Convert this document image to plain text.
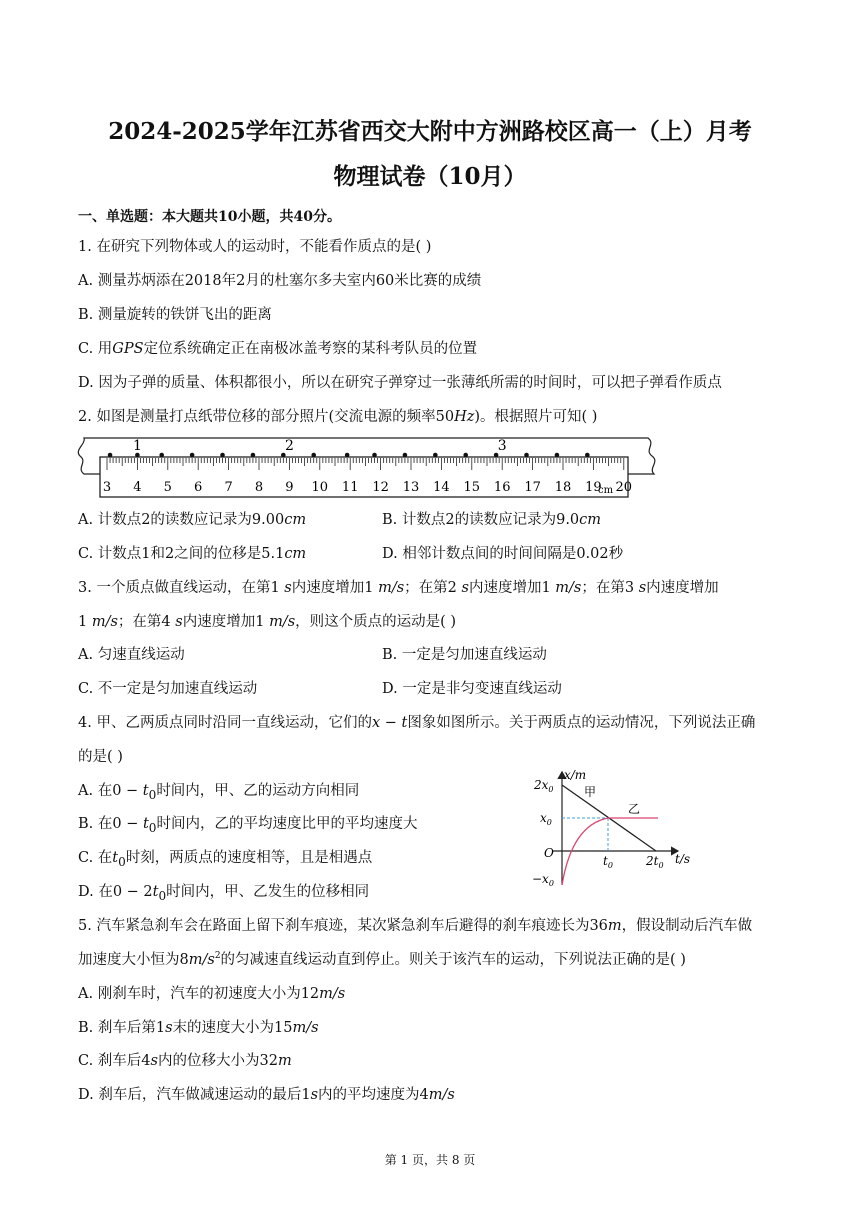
2024-2025学年江苏省西交大附中方洲路校区高一（上）月考
物理试卷（10月）
一、单选题：本大题共10小题，共40分。
1. 在研究下列物体或人的运动时，不能看作质点的是( )
A. 测量苏炳添在2018年2月的杜塞尔多夫室内60米比赛的成绩
B. 测量旋转的铁饼飞出的距离
C. 用GPS定位系统确定正在南极冰盖考察的某科考队员的位置
D. 因为子弹的质量、体积都很小，所以在研究子弹穿过一张薄纸所需的时间时，可以把子弹看作质点
2. 如图是测量打点纸带位移的部分照片(交流电源的频率50Hz)。根据照片可知( )
3 4 5 6 7 8 9 10 11 12 13 14 15 16 17 18 19 20
cm
1	2	3
A. 计数点2的读数应记录为9.00cm	B. 计数点2的读数应记录为9.0cm
C. 计数点1和2之间的位移是5.1cm	D. 相邻计数点间的时间间隔是0.02秒
3. 一个质点做直线运动，在第1 s内速度增加1 m/s；在第2 s内速度增加1 m/s；在第3 s内速度增加
1 m/s；在第4 s内速度增加1 m/s，则这个质点的运动是( )
A. 匀速直线运动	B. 一定是匀加速直线运动
C. 不一定是匀加速直线运动	D. 一定是非匀变速直线运动
4. 甲、乙两质点同时沿同一直线运动，它们的x − t图象如图所示。关于两质点的运动情况，下列说法正确
的是( )
A. 在$0 - t_0$时间内，甲、乙的运动方向相同
B. 在$0 - t_0$时间内，乙的平均速度比甲的平均速度大
C. 在$t_0$时刻，两质点的速度相等，且是相遇点
D. 在$0 - 2t_0$时间内，甲、乙发生的位移相同
x/m
t/s
$2x_0$
$x_0$
$-x_0$
O
$t_0$	$2t_0$
甲
乙
5. 汽车紧急刹车会在路面上留下刹车痕迹，某次紧急刹车后避得的刹车痕迹长为36m，假设制动后汽车做
加速度大小恒为$8m/s^2$的匀减速直线运动直到停止。则关于该汽车的运动，下列说法正确的是( )
A. 刚刹车时，汽车的初速度大小为12m/s
B. 刹车后第1s末的速度大小为15m/s
C. 刹车后4s内的位移大小为32m
D. 刹车后，汽车做减速运动的最后1s内的平均速度为4m/s
第 1 页，共 8 页
